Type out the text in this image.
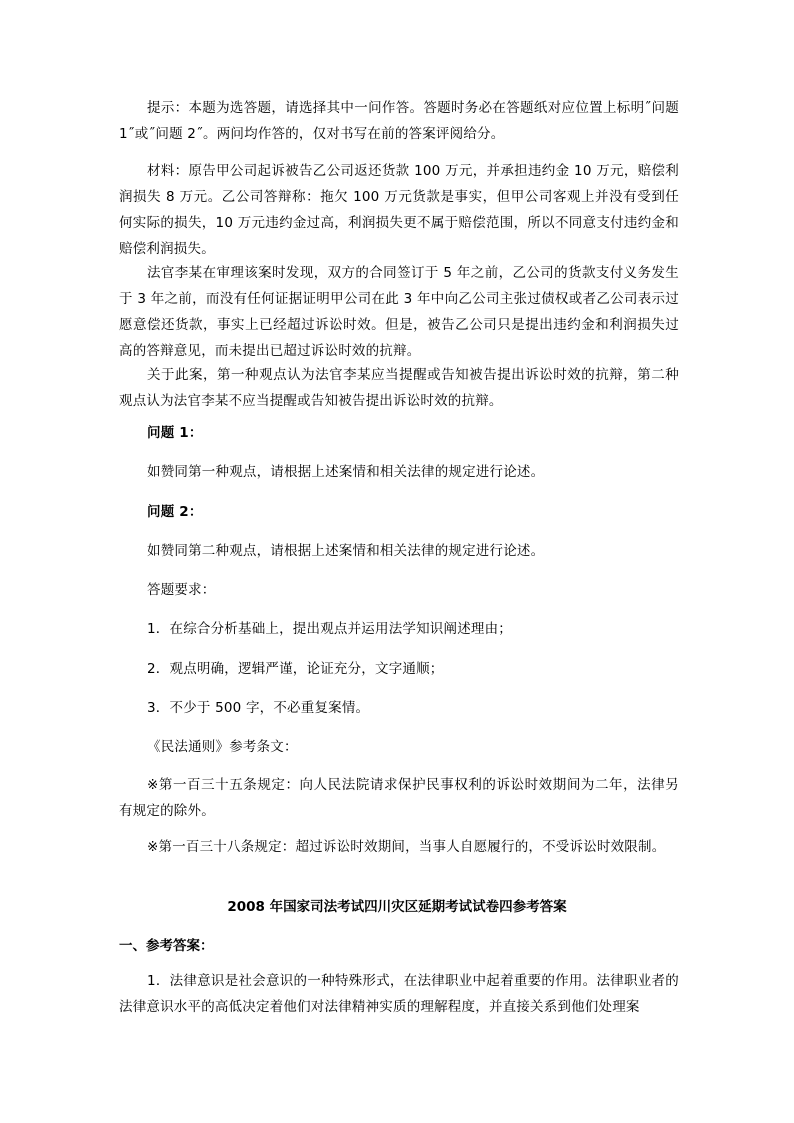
提示：本题为选答题，请选择其中一问作答。答题时务必在答题纸对应位置上标明˝问题 1˝或˝问题 2˝。两问均作答的，仅对书写在前的答案评阅给分。

材料：原告甲公司起诉被告乙公司返还货款 100 万元，并承担违约金 10 万元，赔偿利润损失 8 万元。乙公司答辩称：拖欠 100 万元货款是事实，但甲公司客观上并没有受到任何实际的损失，10 万元违约金过高，利润损失更不属于赔偿范围，所以不同意支付违约金和赔偿利润损失。

法官李某在审理该案时发现，双方的合同签订于 5 年之前，乙公司的货款支付义务发生于 3 年之前，而没有任何证据证明甲公司在此 3 年中向乙公司主张过债权或者乙公司表示过愿意偿还货款，事实上已经超过诉讼时效。但是，被告乙公司只是提出违约金和利润损失过高的答辩意见，而未提出已超过诉讼时效的抗辩。

关于此案，第一种观点认为法官李某应当提醒或告知被告提出诉讼时效的抗辩，第二种观点认为法官李某不应当提醒或告知被告提出诉讼时效的抗辩。

问题 1：

如赞同第一种观点，请根据上述案情和相关法律的规定进行论述。

问题 2：

如赞同第二种观点，请根据上述案情和相关法律的规定进行论述。

答题要求：

1．在综合分析基础上，提出观点并运用法学知识阐述理由；

2．观点明确，逻辑严谨，论证充分，文字通顺；

3．不少于 500 字，不必重复案情。

《民法通则》参考条文：

※第一百三十五条规定：向人民法院请求保护民事权利的诉讼时效期间为二年，法律另有规定的除外。

※第一百三十八条规定：超过诉讼时效期间，当事人自愿履行的，不受诉讼时效限制。

2008 年国家司法考试四川灾区延期考试试卷四参考答案

一、参考答案：

1．法律意识是社会意识的一种特殊形式，在法律职业中起着重要的作用。法律职业者的法律意识水平的高低决定着他们对法律精神实质的理解程度，并直接关系到他们处理案
